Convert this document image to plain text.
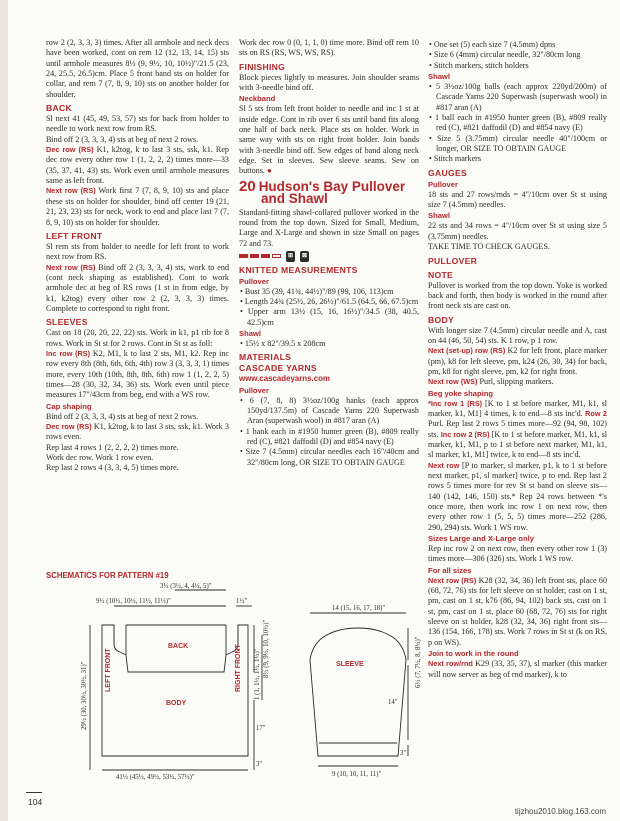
row 2 (2, 3, 3, 3) times. After all armhole and neck decs have been worked, cont on rem 12 (12, 13, 14, 15) sts until armhole measures 8½ (9, 9½, 10, 10½)"/21.5 (23, 24, 25.5, 26.5)cm. Place 5 front band sts on holder for collar, and rem 7 (7, 8, 9, 10) sts on another holder for shoulder.

BACK

Sl next 41 (45, 49, 53, 57) sts for back from holder to needle to work next row from RS.

Bind off 2 (3, 3, 3, 4) sts at beg of next 2 rows.

Dec row (RS) K1, k2tog, k to last 3 sts, ssk, k1. Rep dec row every other row 1 (1, 2, 2, 2) times more—33 (35, 37, 41, 43) sts. Work even until armhole measures same as left front.

Next row (RS) Work first 7 (7, 8, 9, 10) sts and place these sts on holder for shoulder, bind off center 19 (21, 21, 23, 23) sts for neck, work to end and place last 7 (7, 8, 9, 10) sts on holder for shoulder.

LEFT FRONT

Sl rem sts from holder to needle for left front to work next row from RS.

Next row (RS) Bind off 2 (3, 3, 3, 4) sts, work to end (cont neck shaping as established). Cont to work armhole dec at beg of RS rows (1 st in from edge, by k1, k2tog) every other row 2 (2, 3, 3, 3) times. Complete to correspond to right front.

SLEEVES

Cast on 18 (20, 20, 22, 22) sts. Work in k1, p1 rib for 8 rows. Work in St st for 2 rows. Cont in St st as foll:

Inc row (RS) K2, M1, k to last 2 sts, M1, k2. Rep inc row every 8th (8th, 6th, 6th, 4th) row 3 (3, 3, 3, 1) times more, every 10th (10th, 8th, 8th, 6th) row 1 (1, 2, 2, 5) times—28 (30, 32, 34, 36) sts. Work even until piece measures 17"/43cm from beg, end with a WS row.

Cap shaping

Bind off 2 (3, 3, 3, 4) sts at beg of next 2 rows.

Dec row (RS) K1, k2tog, k to last 3 sts, ssk, k1. Work 3 rows even.

Rep last 4 rows 1 (2, 2, 2, 2) times more.

Work dec row. Work 1 row even.

Rep last 2 rows 4 (3, 3, 4, 5) times more.

Work dec row 0 (0, 1, 1, 0) time more. Bind off rem 10 sts on RS (RS, WS, WS, RS).

FINISHING

Block pieces lightly to measures. Join shoulder seams with 3-needle bind off.

Neckband

Sl 5 sts from left front holder to needle and inc 1 st at inside edge. Cont in rib over 6 sts until band fits along one half of back neck. Place sts on holder. Work in same way with sts on right front holder. Join bands with 3-needle bind off. Sew edges of band along neck edge. Set in sleeves. Sew sleeve seams. Sew on buttons. ●

20 Hudson's Bay Pullover
and Shawl

Standard-fitting shawl-collared pullover worked in the round from the top down. Sized for Small, Medium, Large and X-Large and shown in size Small on pages 72 and 73.

⊞	⊠
KNITTED MEASUREMENTS
Pullover
• Bust 35 (39, 41¾, 44½)"/89 (99, 106, 113)cm
• Length 24¾ (25½, 26, 26½)"/61.5 (64.5, 66, 67.5)cm
• Upper arm 13½ (15, 16, 16½)"/34.5 (38, 40.5, 42.5)cm
Shawl
• 15½ x 82"/39.5 x 208cm
MATERIALS
CASCADE YARNS
www.cascadeyarns.com
Pullover
• 6 (7, 8, 8) 3½oz/100g hanks (each approx 150yd/137.5m) of Cascade Yarns 220 Superwash Aran (superwash wool) in #817 aran (A)
• 1 hank each in #1950 hunter green (B), #809 really red (C), #821 daffodil (D) and #854 navy (E)
• Size 7 (4.5mm) circular needles each 16"/40cm and 32"/80cm long, OR SIZE TO OBTAIN GAUGE
• One set (5) each size 7 (4.5mm) dpns
• Size 6 (4mm) circular needle, 32"/80cm long
• Stitch markers, stitch holders
Shawl
• 5 3½oz/100g balls (each approx 220yd/200m) of Cascade Yarns 220 Superwash (superwash wool) in #817 aran (A)
• 1 ball each in #1950 hunter green (B), #809 really red (C), #821 daffodil (D) and #854 navy (E)
• Size 5 (3.75mm) circular needle 40"/100cm or longer, OR SIZE TO OBTAIN GAUGE
• Stitch markers
GAUGES
Pullover

18 sts and 27 rows/rnds = 4"/10cm over St st using size 7 (4.5mm) needles.

Shawl

22 sts and 34 rows = 4"/10cm over St st using size 5 (3.75mm) needles.

TAKE TIME TO CHECK GAUGES.

PULLOVER
NOTE

Pullover is worked from the top down. Yoke is worked back and forth, then body is worked in the round after front neck sts are cast on.

BODY

With longer size 7 (4.5mm) circular needle and A, cast on 44 (46, 50, 54) sts. K 1 row, p 1 row.

Next (set-up) row (RS) K2 for left front, place marker (pm), k8 for left sleeve, pm, k24 (26, 30, 34) for back, pm, k8 for right sleeve, pm, k2 for right front.

Next row (WS) Purl, slipping markers.

Beg yoke shaping

*Inc row 1 (RS) [K to 1 st before marker, M1, k1, sl marker, k1, M1] 4 times, k to end—8 sts inc'd. Row 2 Purl. Rep last 2 rows 5 times more—92 (94, 98, 102) sts. Inc row 2 (RS) [K to 1 st before marker, M1, k1, sl marker, k1, M1, p to 1 st before next marker, M1, k1, sl marker, k1, M1] twice, k to end—8 sts inc'd.

Next row [P to marker, sl marker, p1, k to 1 st before next marker, p1, sl marker] twice, p to end. Rep last 2 rows 5 times more for rev St st band on sleeve sts—140 (142, 146, 150) sts.* Rep 24 rows between *'s once more, then work inc row 1 on next row, then every other row 1 (5, 5, 5) times more—252 (286, 290, 294) sts. Work 1 WS row.

Sizes Large and X-Large only

Rep inc row 2 on next row, then every other row 1 (3) times more—306 (326) sts. Work 1 WS row.

For all sizes

Next row (RS) K28 (32, 34, 36) left front sts, place 60 (68, 72, 76) sts for left sleeve on st holder, cast on 1 st, pm, cast on 1 st, k76 (86, 94, 102) back sts, cast on 1 st, pm, cast on 1 st, place 60 (68, 72, 76) sts for right sleeve on st holder, k28 (32, 34, 36) right front sts—136 (154, 166, 178) sts. Work 7 rows in St st (k on RS, p on WS).

Join to work in the round

Next row/rnd K29 (33, 35, 37), sl marker (this marker will now server as beg of rnd marker), k to

SCHEMATICS FOR PATTERN #19
3½ (3½, 4, 4½, 5)"
9½ (10½, 10½, 11½, 11½)"	1½"
BACK
BODY
LEFT FRONT	RIGHT FRONT	8½ (9, 9½, 10, 10½)"
1 (1, 1½, 1½, 1½)"
17"
3"
29½ (30, 30½, 30½, 31)"
41½ (45½, 49½, 53½, 57½)"
14 (15, 16, 17, 18)"
SLEEVE	6½ (7, 7½, 8, 8½)"
14"
3"
9 (10, 10, 11, 11)"
104
tijzhou2010.blog.163.com
